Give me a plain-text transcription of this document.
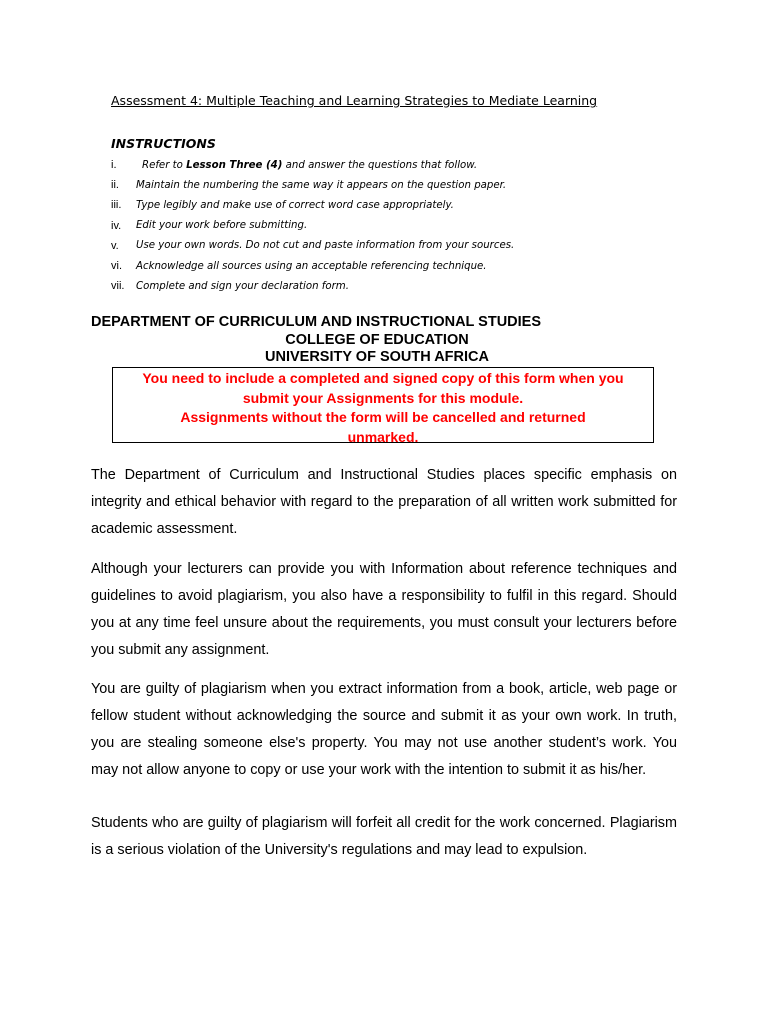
Assessment 4: Multiple Teaching and Learning Strategies to Mediate Learning
INSTRUCTIONS
i.	Refer to Lesson Three (4) and answer the questions that follow.
ii.	Maintain the numbering the same way it appears on the question paper.
iii.	Type legibly and make use of correct word case appropriately.
iv.	Edit your work before submitting.
v.	Use your own words. Do not cut and paste information from your sources.
vi.	Acknowledge all sources using an acceptable referencing technique.
vii.	Complete and sign your declaration form.
DEPARTMENT OF CURRICULUM AND INSTRUCTIONAL STUDIES
COLLEGE OF EDUCATION
UNIVERSITY OF SOUTH AFRICA
You need to include a completed and signed copy of this form when you
submit your Assignments for this module.
Assignments without the form will be cancelled and returned
unmarked.

The Department of Curriculum and Instructional Studies places specific emphasis on integrity and ethical behavior with regard to the preparation of all written work submitted for academic assessment.

Although your lecturers can provide you with Information about reference techniques and guidelines to avoid plagiarism, you also have a responsibility to fulfil in this regard. Should you at any time feel unsure about the requirements, you must consult your lecturers before you submit any assignment.

You are guilty of plagiarism when you extract information from a book, article, web page or fellow student without acknowledging the source and submit it as your own work. In truth, you are stealing someone else's property. You may not use another student’s work. You may not allow anyone to copy or use your work with the intention to submit it as his/her.

Students who are guilty of plagiarism will forfeit all credit for the work concerned. Plagiarism is a serious violation of the University's regulations and may lead to expulsion.
